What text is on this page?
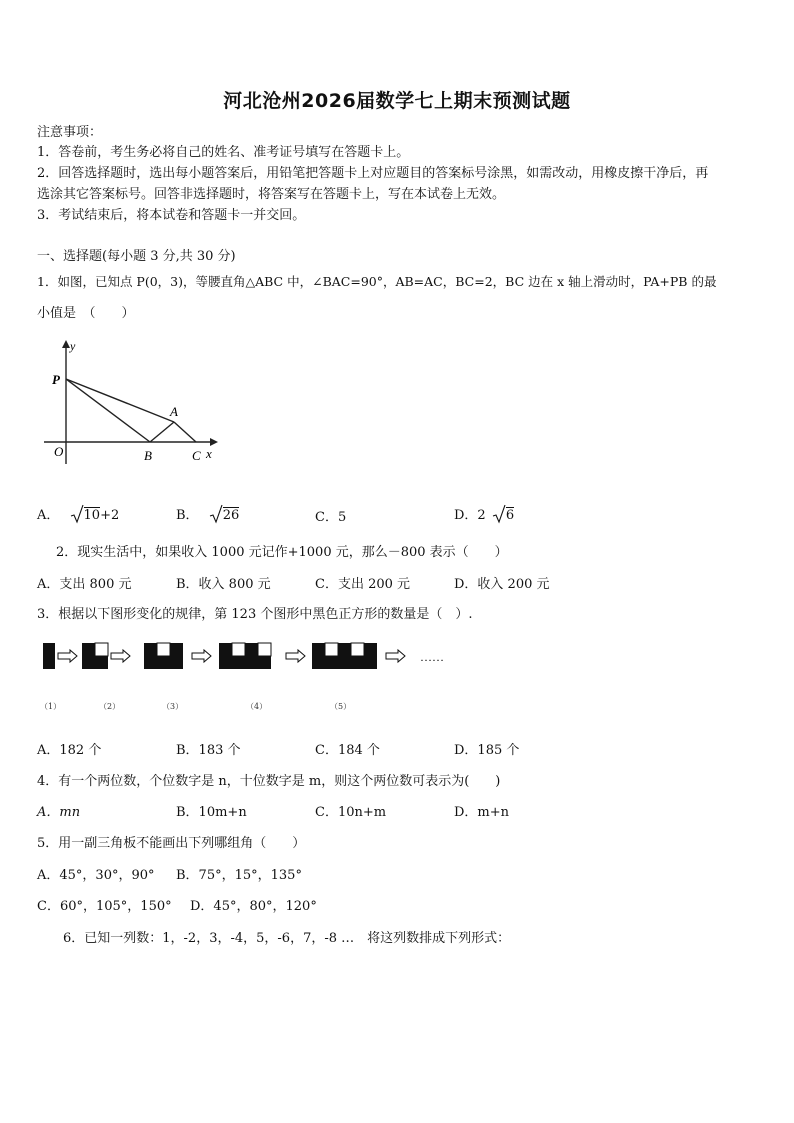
河北沧州2026届数学七上期末预测试题
注意事项：
1．答卷前，考生务必将自己的姓名、准考证号填写在答题卡上。
2．回答选择题时，选出每小题答案后，用铅笔把答题卡上对应题目的答案标号涂黑，如需改动，用橡皮擦干净后，再
选涂其它答案标号。回答非选择题时，将答案写在答题卡上，写在本试卷上无效。
3．考试结束后，将本试卷和答题卡一并交回。
一、选择题(每小题 3 分,共 30 分)
1．如图，已知点 P(0，3)，等腰直角△ABC 中，∠BAC=90°，AB=AC，BC=2，BC 边在 x 轴上滑动时，PA+PB 的最
小值是　（　　）
y
x
P
A
O	B	C
A． 10+2	B． 26	C．5	D．2 6
2．现实生活中，如果收入 1000 元记作+1000 元，那么－800 表示（　　）
A．支出 800 元	B．收入 800 元	C．支出 200 元	D．收入 200 元
3．根据以下图形变化的规律，第 123 个图形中黑色正方形的数量是（　）.
……
（1）	（2）	（3）	（4）	（5）
A．182 个	B．183 个	C．184 个	D．185 个
4．有一个两位数，个位数字是 n，十位数字是 m，则这个两位数可表示为(　　)
A．mn	B．10m+n	C．10n+m	D．m+n
5．用一副三角板不能画出下列哪组角（　　）
A．45°，30°，90° B．75°，15°，135°
C．60°，105°，150° D．45°，80°，120°
6．已知一列数：1，-2，3，-4，5，-6，7，-8 …　将这列数排成下列形式：
